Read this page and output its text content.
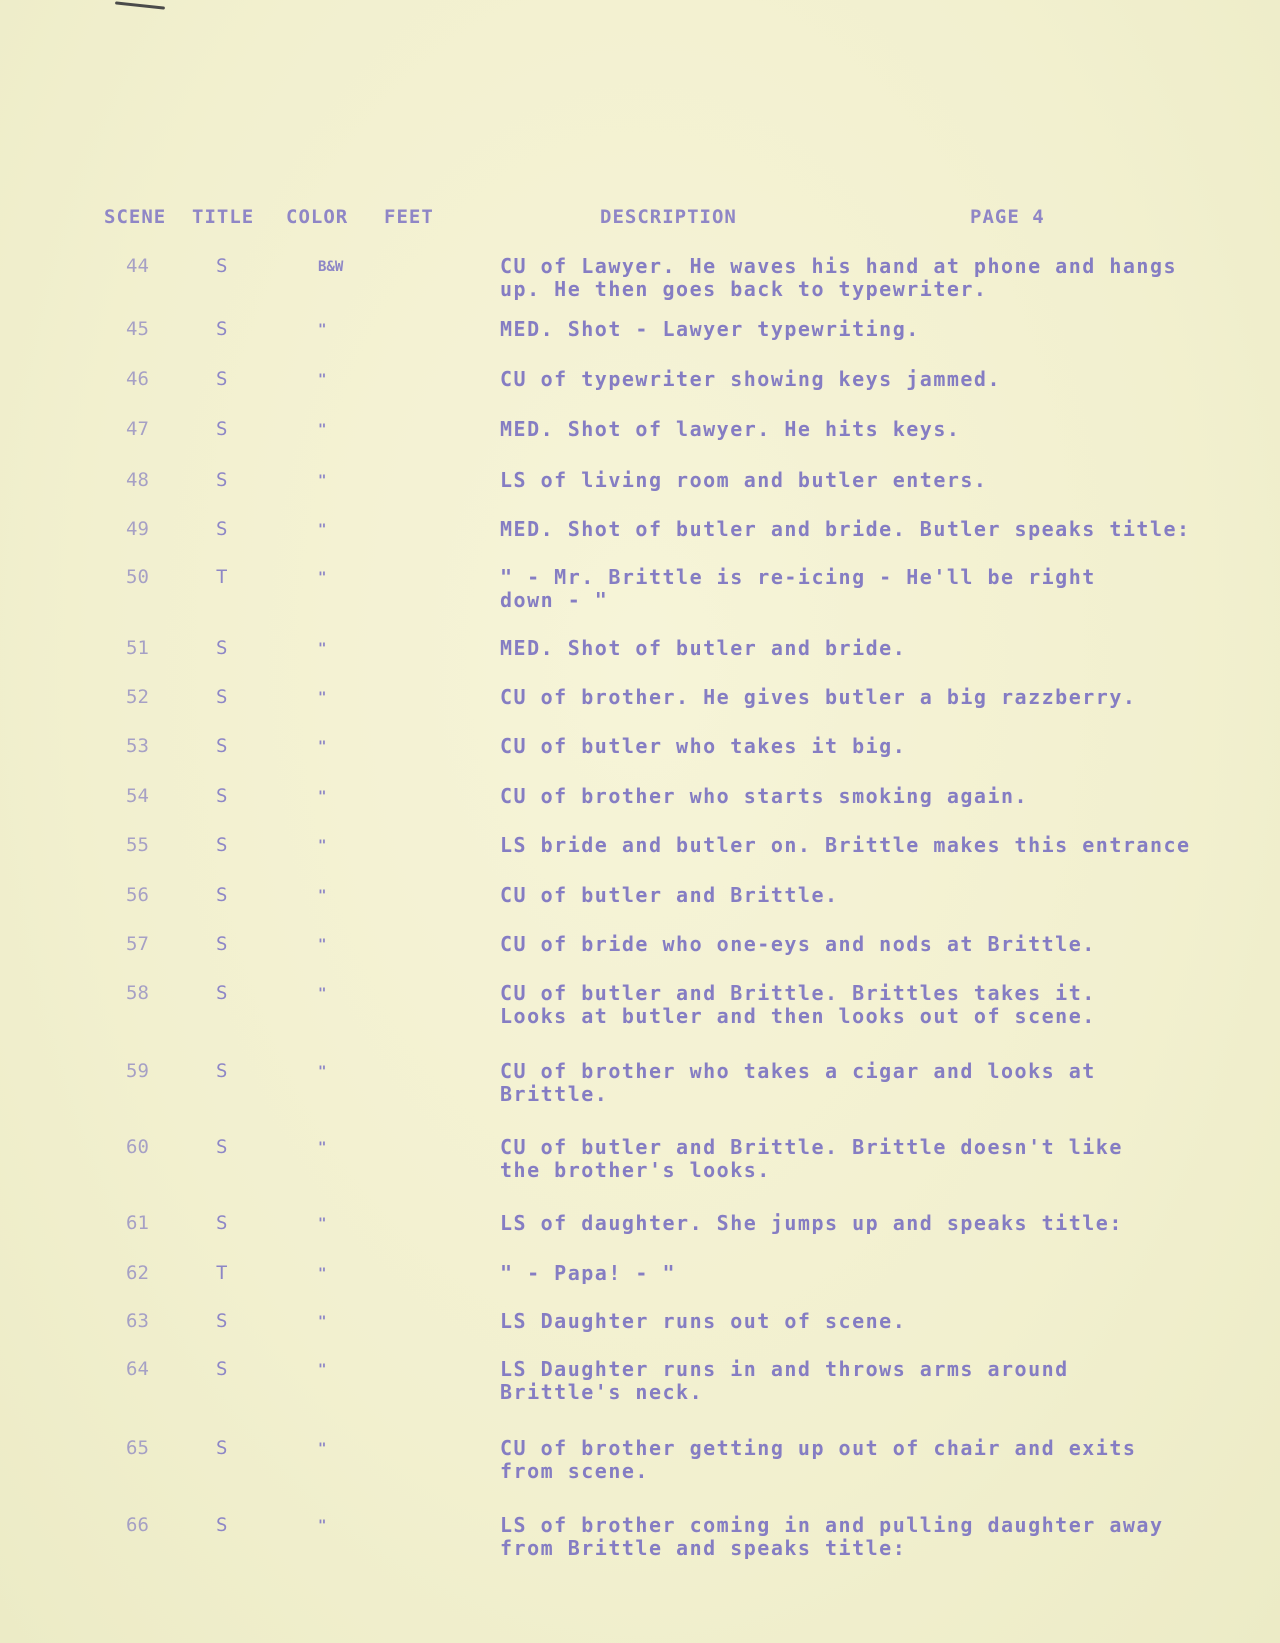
SCENE TITLE COLOR FEET	DESCRIPTION	PAGE 4
44	S	B&W	CU of Lawyer. He waves his hand at phone and hangs
up. He then goes back to typewriter.
45	S	"	MED. Shot - Lawyer typewriting.
46	S	"	CU of typewriter showing keys jammed.
47	S	"	MED. Shot of lawyer. He hits keys.
48	S	"	LS of living room and butler enters.
49	S	"	MED. Shot of butler and bride. Butler speaks title:
50	T	"	" - Mr. Brittle is re-icing - He'll be right
down - "
51	S	"	MED. Shot of butler and bride.
52	S	"	CU of brother. He gives butler a big razzberry.
53	S	"	CU of butler who takes it big.
54	S	"	CU of brother who starts smoking again.
55	S	"	LS bride and butler on. Brittle makes this entrance
56	S	"	CU of butler and Brittle.
57	S	"	CU of bride who one-eys and nods at Brittle.
58	S	"	CU of butler and Brittle. Brittles takes it.
Looks at butler and then looks out of scene.
59	S	"	CU of brother who takes a cigar and looks at
Brittle.
60	S	"	CU of butler and Brittle. Brittle doesn't like
the brother's looks.
61	S	"	LS of daughter. She jumps up and speaks title:
62	T	"	" - Papa! - "
63	S	"	LS Daughter runs out of scene.
64	S	"	LS Daughter runs in and throws arms around
Brittle's neck.
65	S	"	CU of brother getting up out of chair and exits
from scene.
66	S	"	LS of brother coming in and pulling daughter away
from Brittle and speaks title:
